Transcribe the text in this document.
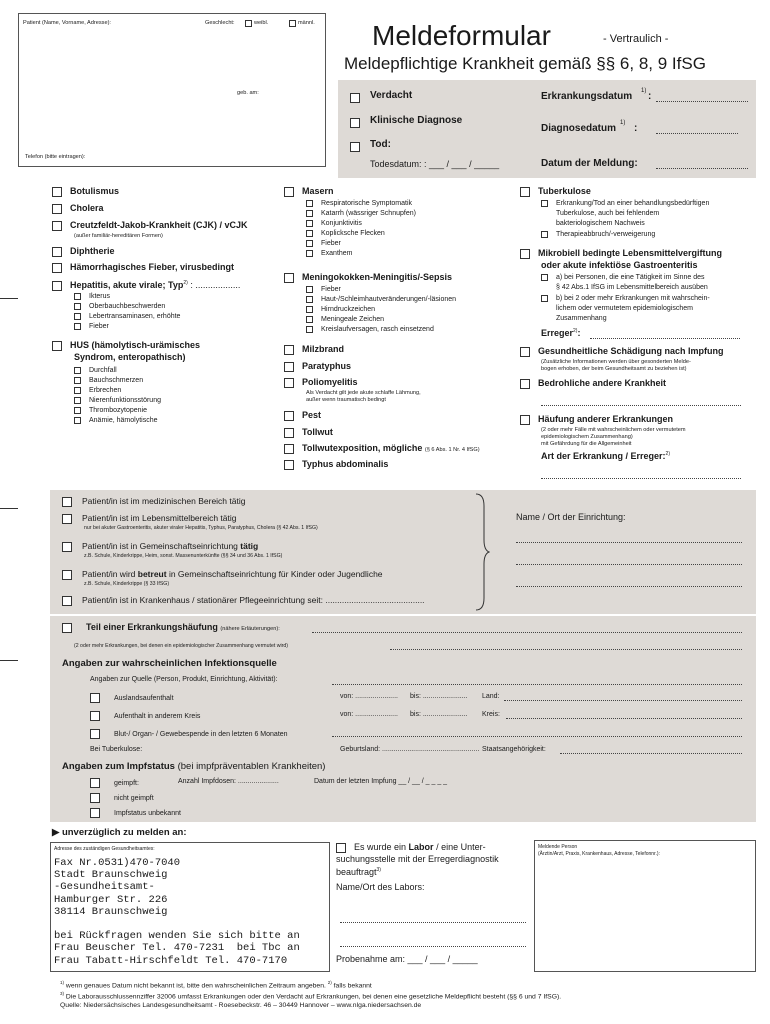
Patient (Name, Vorname, Adresse):	Geschlecht:	weibl.	männl.
geb. am:
Telefon (bitte eintragen):
Meldeformular	- Vertraulich -
Meldepflichtige Krankheit gemäß §§ 6, 8, 9 IfSG
Verdacht
Klinische Diagnose
Tod:
Todesdatum: : ___ / ___ / _____
Erkrankungsdatum 1) :
Diagnosedatum 1) :
Datum der Meldung:
Botulismus
Cholera
Creutzfeldt-Jakob-Krankheit (CJK) / vCJK
(außer familiär-hereditären Formen)
Diphtherie
Hämorrhagisches Fieber, virusbedingt
Hepatitis, akute virale; Typ$^{2)}$ : ..................
Ikterus
Oberbauchbeschwerden
Lebertransaminasen, erhöhte
Fieber
HUS (hämolytisch-urämisches
Syndrom, enteropathisch)
Durchfall
Bauchschmerzen
Erbrechen
Nierenfunktionsstörung
Thrombozytopenie
Anämie, hämolytische
Masern
Respiratorische Symptomatik
Katarrh (wässriger Schnupfen)
Konjunktivitis
Koplicksche Flecken
Fieber
Exanthem
Meningokokken-Meningitis/-Sepsis
Fieber
Haut-/Schleimhautveränderungen/-läsionen
Hirndruckzeichen
Meningeale Zeichen
Kreislaufversagen, rasch einsetzend
Milzbrand
Paratyphus
Poliomyelitis
Als Verdacht gilt jede akute schlaffe Lähmung,
außer wenn traumatisch bedingt
Pest
Tollwut
Tollwutexposition, mögliche (§ 6 Abs. 1 Nr. 4 IfSG)
Typhus abdominalis
Tuberkulose
Erkrankung/Tod an einer behandlungsbedürftigen
Tuberkulose, auch bei fehlendem
bakteriologischem Nachweis
Therapieabbruch/-verweigerung
Mikrobiell bedingte Lebensmittelvergiftung
oder akute infektiöse Gastroenteritis
a) bei Personen, die eine Tätigkeit im Sinne des
§ 42 Abs.1 IfSG im Lebensmittelbereich ausüben
b) bei 2 oder mehr Erkrankungen mit wahrschein-
lichem oder vermutetem epidemiologischem
Zusammenhang
Erreger$^{2)}$:
Gesundheitliche Schädigung nach Impfung
(Zusätzliche Informationen werden über gesonderten Melde-
bogen erhoben, der beim Gesundheitsamt zu beziehen ist)
Bedrohliche andere Krankheit
Häufung anderer Erkrankungen
(2 oder mehr Fälle mit wahrscheinlichem oder vermutetem
epidemiologischem Zusammenhang)
mit Gefährdung für die Allgemeinheit
Art der Erkrankung / Erreger:$^{2)}$
Patient/in ist im medizinischen Bereich tätig
Patient/in ist im Lebensmittelbereich tätig
nur bei akuter Gastroenteritis, akuter viraler Hepatitis, Typhus, Paratyphus, Cholera (§ 42 Abs. 1 IfSG)
Patient/in ist in Gemeinschaftseinrichtung tätig
z.B. Schule, Kinderkrippe, Heim, sonst. Massenunterkünfte (§§ 34 und 36 Abs. 1 IfSG)
Patient/in wird betreut in Gemeinschaftseinrichtung für Kinder oder Jugendliche
z.B. Schule, Kinderkrippe (§ 33 IfSG)
Patient/in ist in Krankenhaus / stationärer Pflegeeinrichtung seit: ..........................................
Name / Ort der Einrichtung:
Teil einer Erkrankungshäufung (nähere Erläuterungen):
(2 oder mehr Erkrankungen, bei denen ein epidemiologischer Zusammenhang vermutet wird)
Angaben zur wahrscheinlichen Infektionsquelle
Angaben zur Quelle (Person, Produkt, Einrichtung, Aktivität):
Auslandsaufenthalt	von: ...................... bis: ....................... Land:
Aufenthalt in anderem Kreis	von: ...................... bis: ....................... Kreis:
Blut-/ Organ- / Gewebespende in den letzten 6 Monaten
Bei Tuberkulose:	Geburtsland: .................................................. Staatsangehörigkeit:
Angaben zum Impfstatus (bei impfpräventablen Krankheiten)
geimpft:	Anzahl Impfdosen: .....................	Datum der letzten Impfung __ / __ / _ _ _ _
nicht geimpft
Impfstatus unbekannt
▶ unverzüglich zu melden an:
Adresse des zuständigen Gesundheitsamtes:
Fax Nr.0531)470-7040
Stadt Braunschweig
-Gesundheitsamt-
Hamburger Str. 226
38114 Braunschweig

bei Rückfragen wenden Sie sich bitte an
Frau Beuscher Tel. 470-7231  bei Tbc an
Frau Tabatt-Hirschfeldt Tel. 470-7170
Es wurde ein Labor / eine Unter-
suchungsstelle mit der Erregerdiagnostik
beauftragt$^{3)}$
Name/Ort des Labors:
Probenahme am: ___ / ___ / _____
Meldende Person
(Ärztin/Arzt, Praxis, Krankenhaus, Adresse, Telefonnr.):
$^{1)}$ wenn genaues Datum nicht bekannt ist, bitte den wahrscheinlichen Zeitraum angeben. $^{2)}$ falls bekannt
$^{3)}$ Die Laborausschlussennziffer 32006 umfasst Erkrankungen oder den Verdacht auf Erkrankungen, bei denen eine gesetzliche Meldepflicht besteht (§§ 6 und 7 IfSG).
Quelle: Niedersächsisches Landesgesundheitsamt - Roesebeckstr. 46 – 30449 Hannover – www.nlga.niedersachsen.de
